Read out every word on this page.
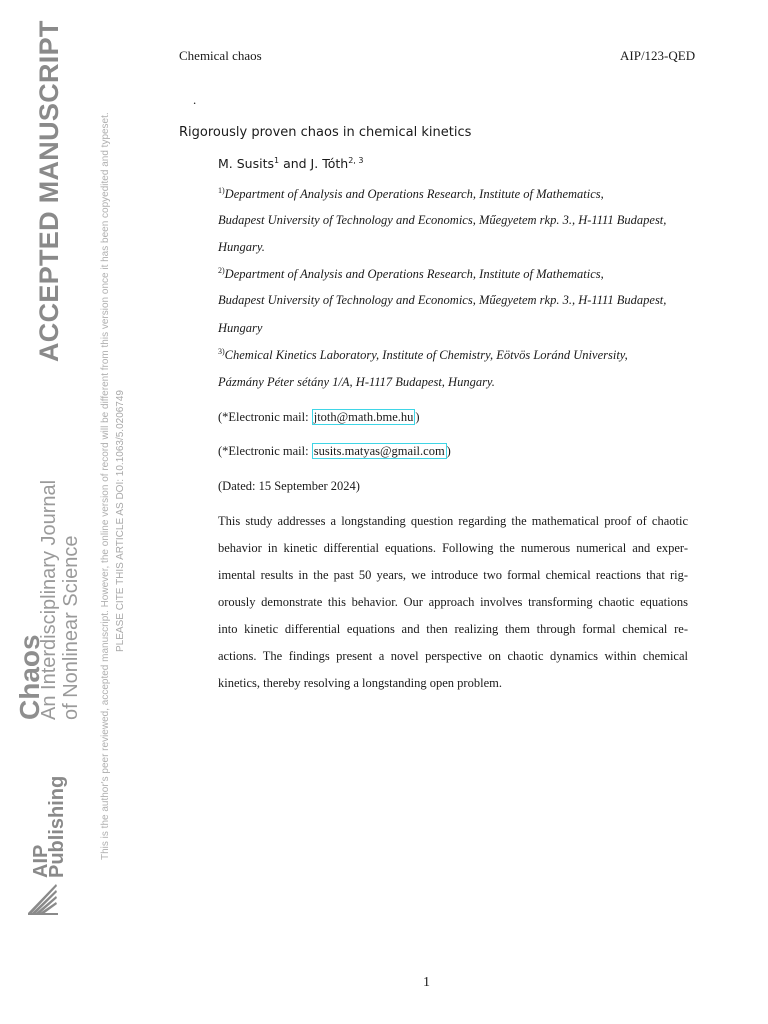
ACCEPTED MANUSCRIPT
Chaos
An Interdisciplinary Journal of Nonlinear Science
AIP
Publishing	This is the author's peer reviewed, accepted manuscript. However, the online version of record will be different from this version once it has been copyedited and typeset. PLEASE CITE THIS ARTICLE AS DOI: 10.1063/5.0206749
Chemical chaos	AIP/123-QED
.
Rigorously proven chaos in chemical kinetics
M. Susits$^1$ and J. Tóth$^{2, 3}$
$^{1)}$Department of Analysis and Operations Research, Institute of Mathematics,
Budapest University of Technology and Economics, Műegyetem rkp. 3., H-1111 Budapest,
Hungary.
$^{2)}$Department of Analysis and Operations Research, Institute of Mathematics,
Budapest University of Technology and Economics, Műegyetem rkp. 3., H-1111 Budapest,
Hungary
$^{3)}$Chemical Kinetics Laboratory, Institute of Chemistry, Eötvös Loránd University,
Pázmány Péter sétány 1/A, H-1117 Budapest, Hungary.
(*Electronic mail: jtoth@math.bme.hu )
(*Electronic mail: susits.matyas@gmail.com )
(Dated: 15 September 2024)
This study addresses a longstanding question regarding the mathematical proof of chaotic
behavior in kinetic differential equations. Following the numerous numerical and exper-
imental results in the past 50 years, we introduce two formal chemical reactions that rig-
orously demonstrate this behavior. Our approach involves transforming chaotic equations
into kinetic differential equations and then realizing them through formal chemical re-
actions. The findings present a novel perspective on chaotic dynamics within chemical
kinetics, thereby resolving a longstanding open problem.
1
